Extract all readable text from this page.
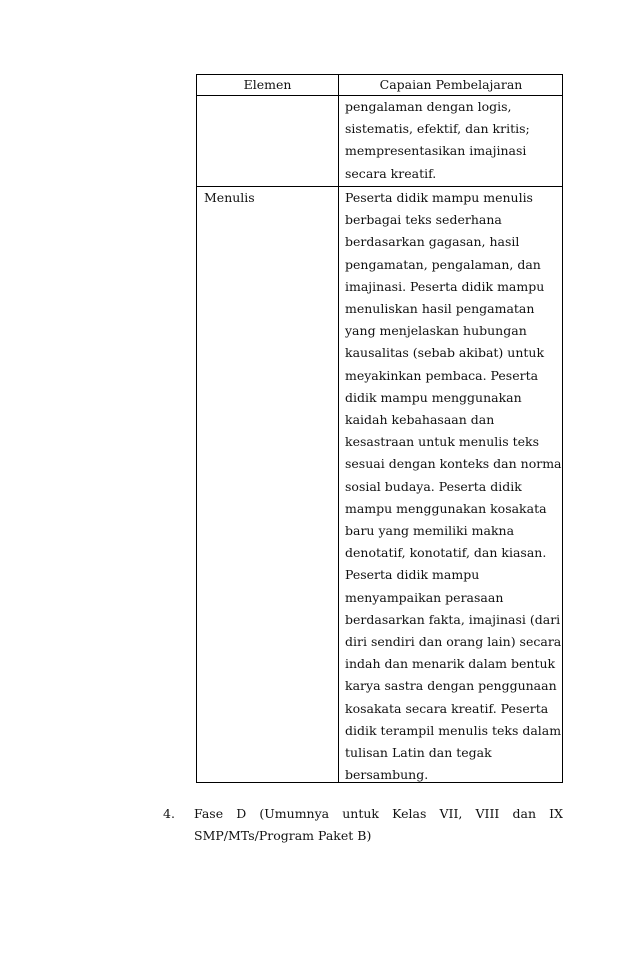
Elemen	Capaian Pembelajaran
pengalaman dengan logis,
sistematis, efektif, dan kritis;
mempresentasikan imajinasi
secara kreatif.
Menulis	Peserta didik mampu menulis
berbagai teks sederhana
berdasarkan gagasan, hasil
pengamatan, pengalaman, dan
imajinasi. Peserta didik mampu
menuliskan hasil pengamatan
yang menjelaskan hubungan
kausalitas (sebab akibat) untuk
meyakinkan pembaca. Peserta
didik mampu menggunakan
kaidah kebahasaan dan
kesastraan untuk menulis teks
sesuai dengan konteks dan norma
sosial budaya. Peserta didik
mampu menggunakan kosakata
baru yang memiliki makna
denotatif, konotatif, dan kiasan.
Peserta didik mampu
menyampaikan perasaan
berdasarkan fakta, imajinasi (dari
diri sendiri dan orang lain) secara
indah dan menarik dalam bentuk
karya sastra dengan penggunaan
kosakata secara kreatif. Peserta
didik terampil menulis teks dalam
tulisan Latin dan tegak
bersambung.
4. Fase D (Umumnya untuk Kelas VII, VIII dan IX
SMP/MTs/Program Paket B)
